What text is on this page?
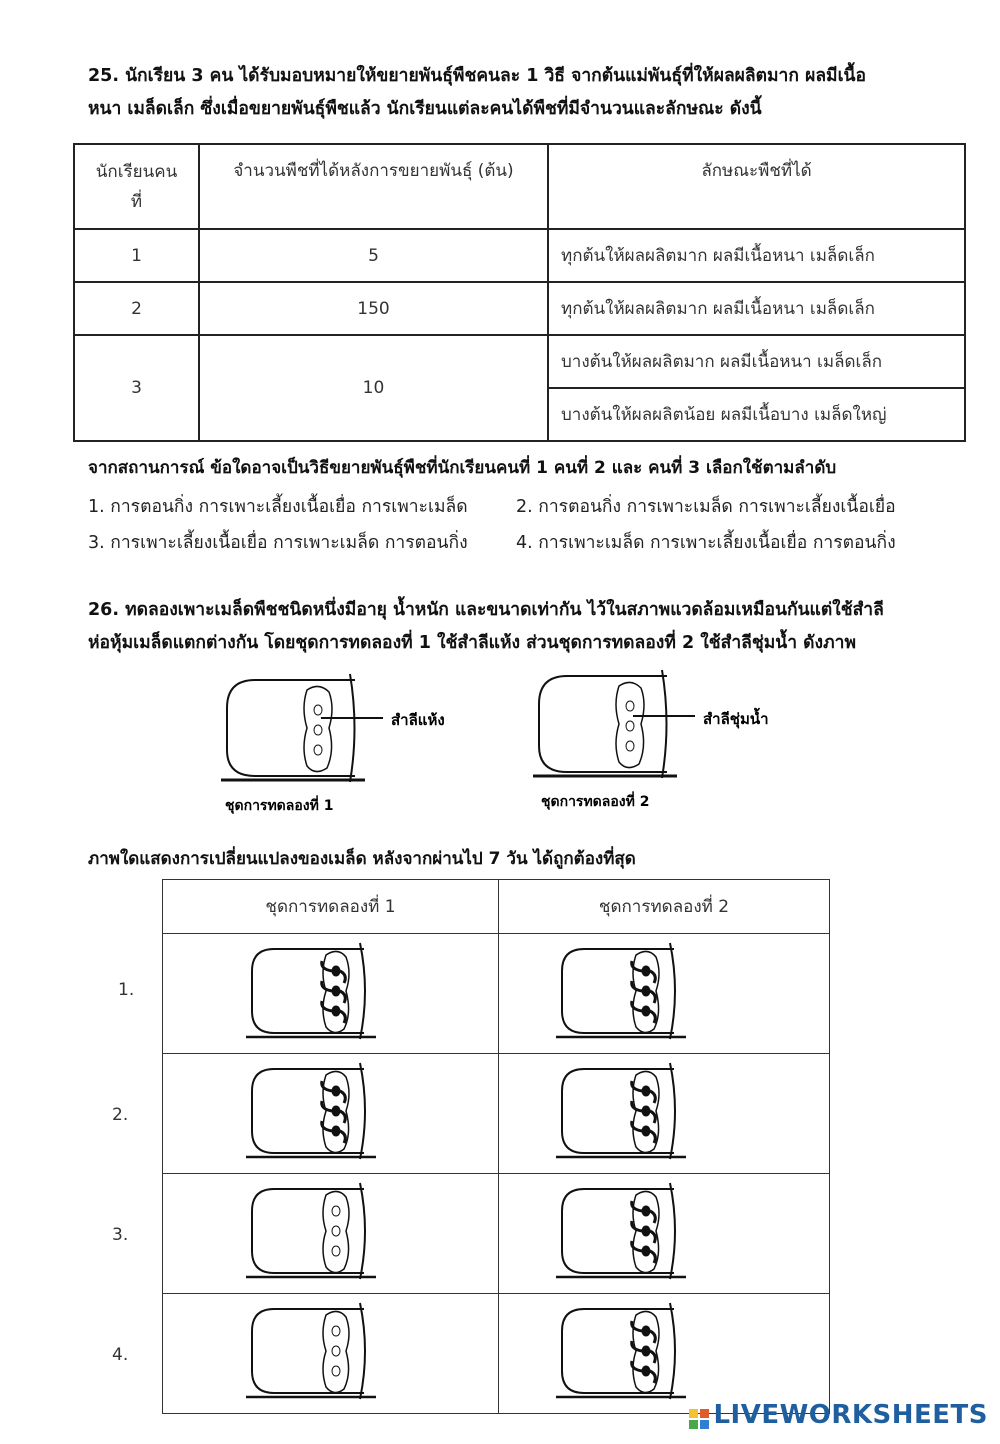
25. นักเรียน 3 คน ได้รับมอบหมายให้ขยายพันธุ์พืชคนละ 1 วิธี จากต้นแม่พันธุ์ที่ให้ผลผลิตมาก ผลมีเนื้อ
หนา เมล็ดเล็ก ซึ่งเมื่อขยายพันธุ์พืชแล้ว นักเรียนแต่ละคนได้พืชที่มีจำนวนและลักษณะ ดังนี้
นักเรียนคน
ที่	จำนวนพืชที่ได้หลังการขยายพันธุ์ (ต้น)	ลักษณะพืชที่ได้
1	5	ทุกต้นให้ผลผลิตมาก ผลมีเนื้อหนา เมล็ดเล็ก
2	150	ทุกต้นให้ผลผลิตมาก ผลมีเนื้อหนา เมล็ดเล็ก
3	10	บางต้นให้ผลผลิตมาก ผลมีเนื้อหนา เมล็ดเล็ก
		บางต้นให้ผลผลิตน้อย ผลมีเนื้อบาง เมล็ดใหญ่
จากสถานการณ์ ข้อใดอาจเป็นวิธีขยายพันธุ์พืชที่นักเรียนคนที่ 1 คนที่ 2 และ คนที่ 3 เลือกใช้ตามลำดับ
1. การตอนกิ่ง การเพาะเลี้ยงเนื้อเยื่อ การเพาะเมล็ด	2. การตอนกิ่ง การเพาะเมล็ด การเพาะเลี้ยงเนื้อเยื่อ
3. การเพาะเลี้ยงเนื้อเยื่อ การเพาะเมล็ด การตอนกิ่ง	4. การเพาะเมล็ด การเพาะเลี้ยงเนื้อเยื่อ การตอนกิ่ง
26. ทดลองเพาะเมล็ดพืชชนิดหนึ่งมีอายุ น้ำหนัก และขนาดเท่ากัน ไว้ในสภาพแวดล้อมเหมือนกันแต่ใช้สำลี
ห่อหุ้มเมล็ดแตกต่างกัน โดยชุดการทดลองที่ 1 ใช้สำลีแห้ง ส่วนชุดการทดลองที่ 2 ใช้สำลีชุ่มน้ำ ดังภาพ
สำลีแห้ง
ชุดการทดลองที่ 1
สำลีชุ่มน้ำ
ชุดการทดลองที่ 2
ภาพใดแสดงการเปลี่ยนแปลงของเมล็ด หลังจากผ่านไป 7 วัน ได้ถูกต้องที่สุด
ชุดการทดลองที่ 1	ชุดการทดลองที่ 2

1.
2.
3.
4.
LIVEWORKSHEETS
